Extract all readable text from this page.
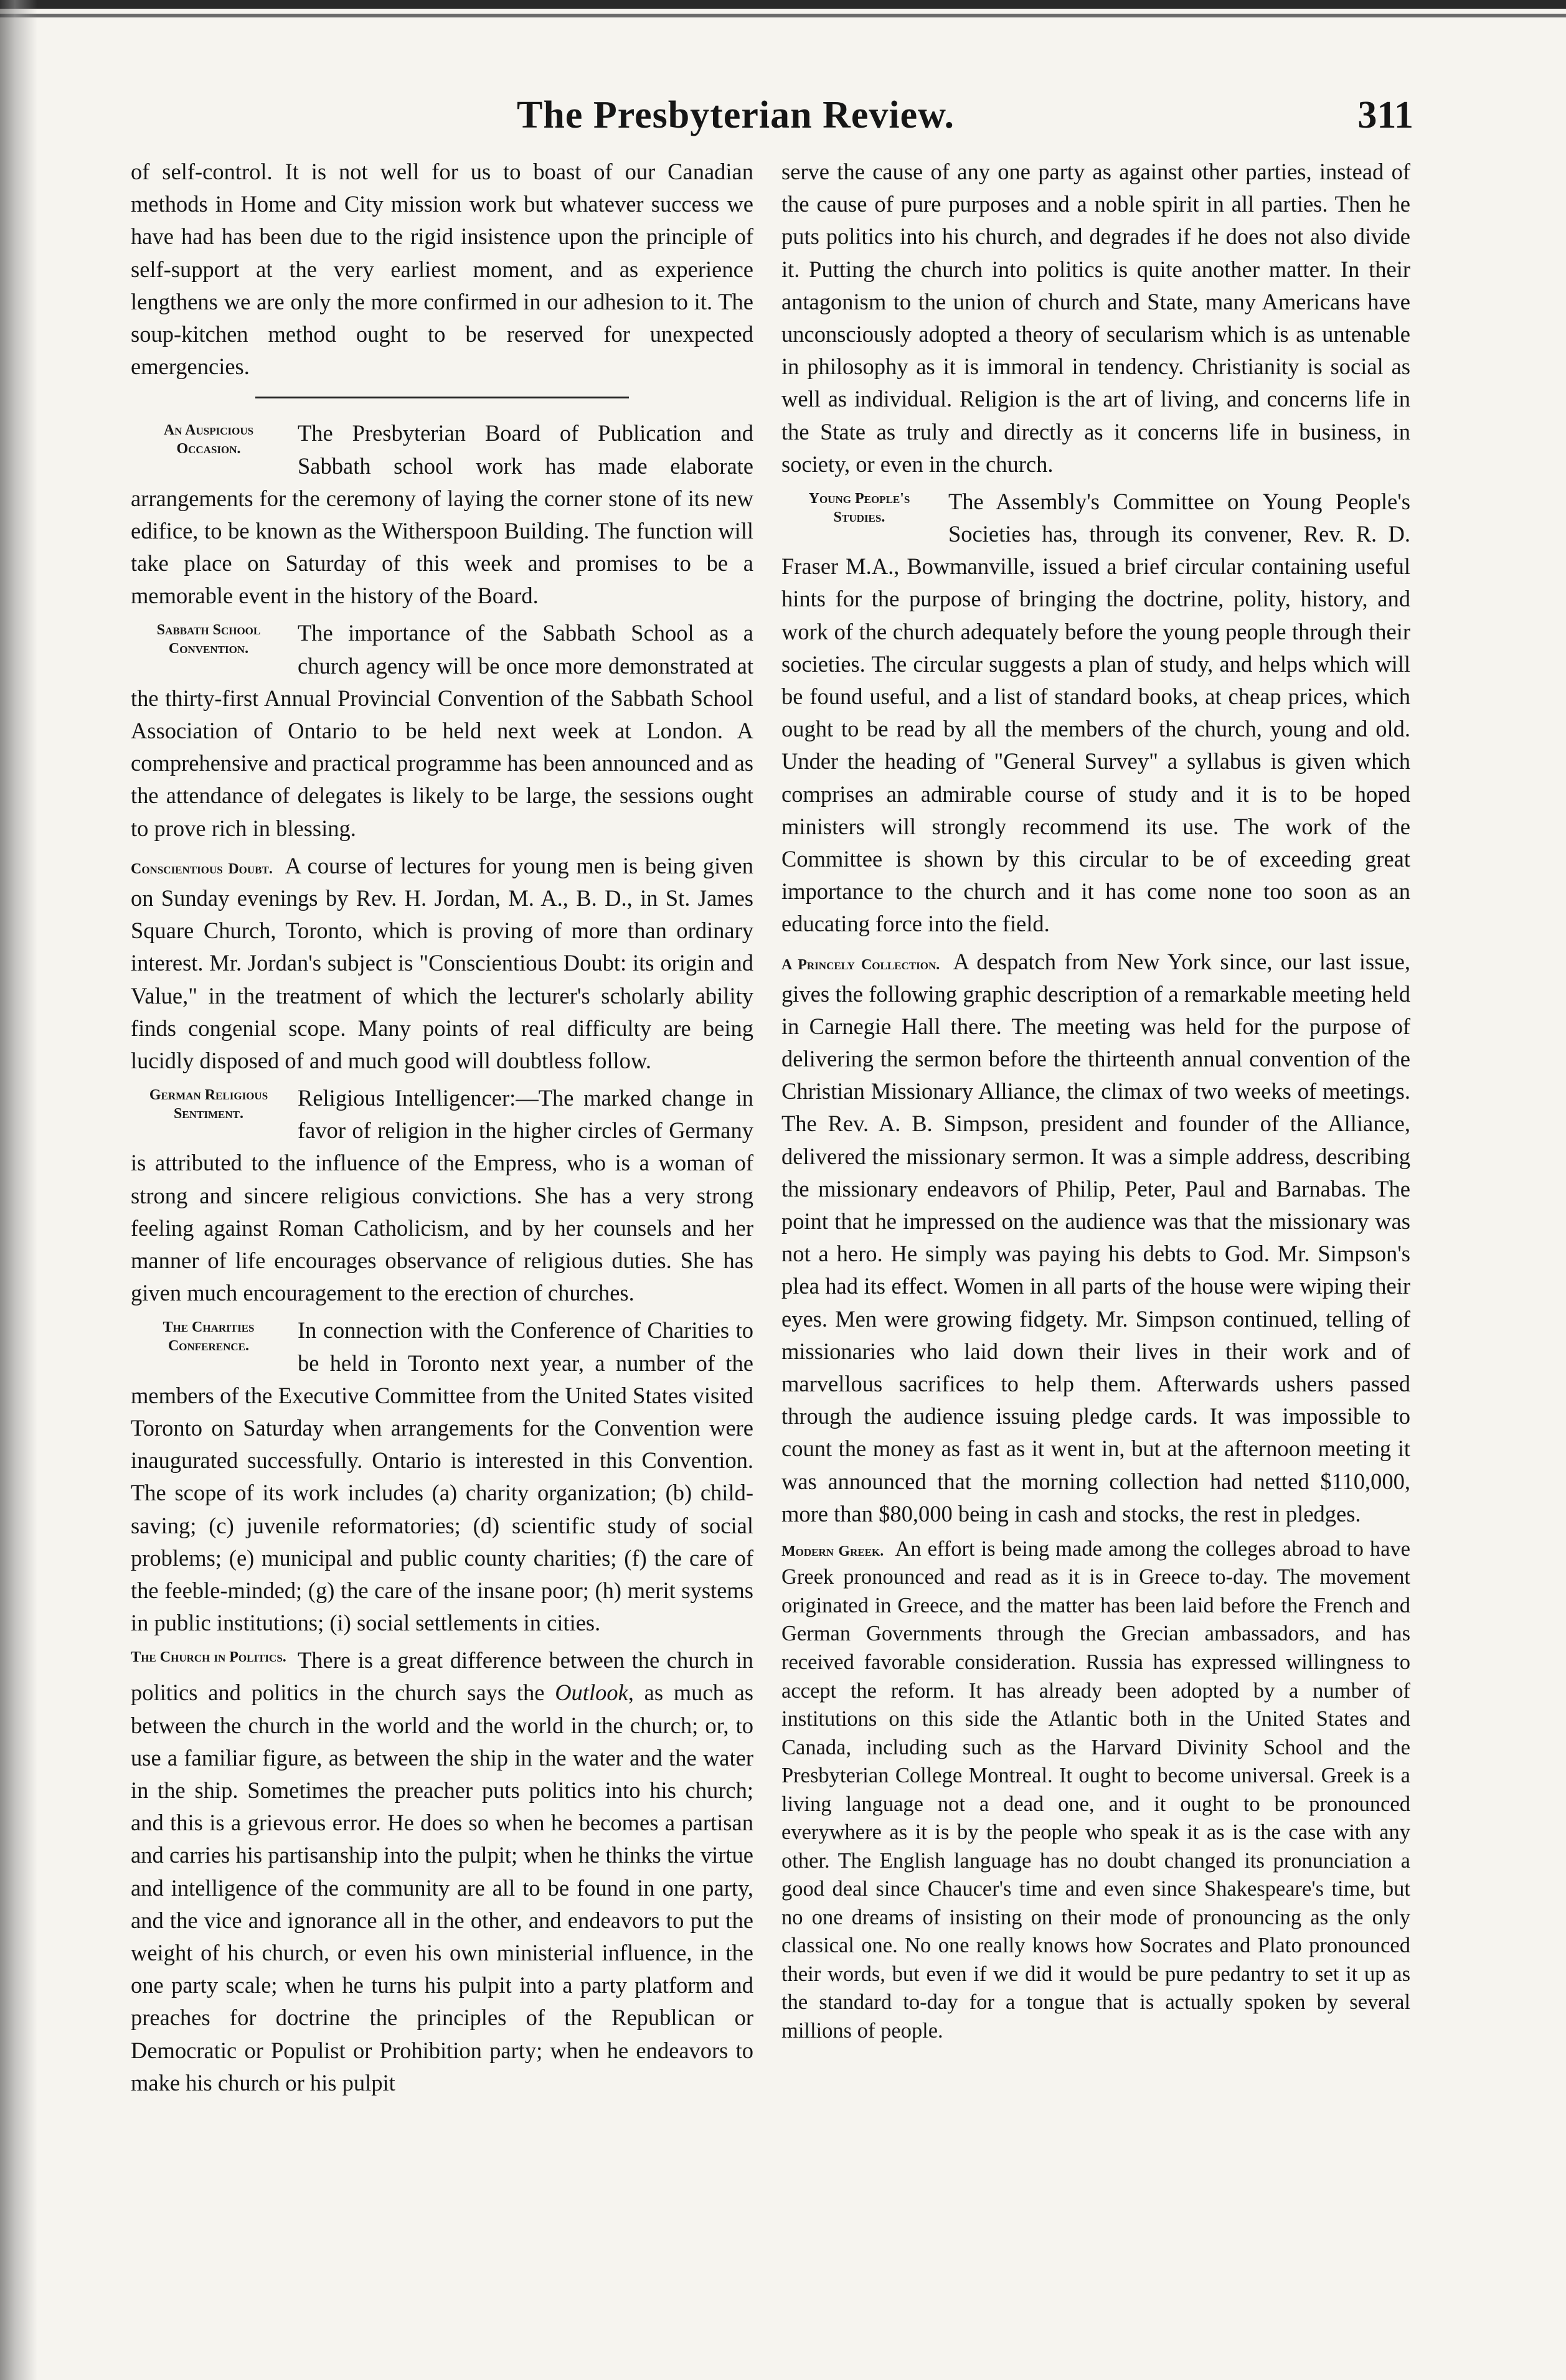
The Presbyterian Review.	311

of self-control. It is not well for us to boast of our Canadian methods in Home and City mission work but whatever success we have had has been due to the rigid insistence upon the principle of self-support at the very earliest moment, and as experience lengthens we are only the more confirmed in our adhesion to it. The soup-kitchen method ought to be reserved for unexpected emergencies.

An Auspicious Occasion.
The Presbyterian Board of Publication and Sabbath school work has made elaborate arrangements for the ceremony of laying the corner stone of its new edifice, to be known as the Witherspoon Building. The function will take place on Saturday of this week and promises to be a memorable event in the history of the Board.

Sabbath School Convention.
The importance of the Sabbath School as a church agency will be once more demonstrated at the thirty-first Annual Provincial Convention of the Sabbath School Association of Ontario to be held next week at London. A comprehensive and practical programme has been announced and as the attendance of delegates is likely to be large, the sessions ought to prove rich in blessing.

Conscientious Doubt. A course of lectures for young men is being given on Sunday evenings by Rev. H. Jordan, M. A., B. D., in St. James Square Church, Toronto, which is proving of more than ordinary interest. Mr. Jordan's subject is "Conscientious Doubt: its origin and Value," in the treatment of which the lecturer's scholarly ability finds congenial scope. Many points of real difficulty are being lucidly disposed of and much good will doubtless follow.

German Religious Sentiment.
Religious Intelligencer:—The marked change in favor of religion in the higher circles of Germany is attributed to the influence of the Empress, who is a woman of strong and sincere religious convictions. She has a very strong feeling against Roman Catholicism, and by her counsels and her manner of life encourages observance of religious duties. She has given much encouragement to the erection of churches.

The Charities Conference.
In connection with the Conference of Charities to be held in Toronto next year, a number of the members of the Executive Committee from the United States visited Toronto on Saturday when arrangements for the Convention were inaugurated successfully. Ontario is interested in this Convention. The scope of its work includes (a) charity organization; (b) child-saving; (c) juvenile reformatories; (d) scientific study of social problems; (e) municipal and public county charities; (f) the care of the feeble-minded; (g) the care of the insane poor; (h) merit systems in public institutions; (i) social settlements in cities.

The Church in Politics. There is a great difference between the church in politics and politics in the church says the Outlook, as much as between the church in the world and the world in the church; or, to use a familiar figure, as between the ship in the water and the water in the ship. Sometimes the preacher puts politics into his church; and this is a grievous error. He does so when he becomes a partisan and carries his partisanship into the pulpit; when he thinks the virtue and intelligence of the community are all to be found in one party, and the vice and ignorance all in the other, and endeavors to put the weight of his church, or even his own ministerial influence, in the one party scale; when he turns his pulpit into a party platform and preaches for doctrine the principles of the Republican or Democratic or Populist or Prohibition party; when he endeavors to make his church or his pulpit

serve the cause of any one party as against other parties, instead of the cause of pure purposes and a noble spirit in all parties. Then he puts politics into his church, and degrades if he does not also divide it. Putting the church into politics is quite another matter. In their antagonism to the union of church and State, many Americans have unconsciously adopted a theory of secularism which is as untenable in philosophy as it is immoral in tendency. Christianity is social as well as individual. Religion is the art of living, and concerns life in the State as truly and directly as it concerns life in business, in society, or even in the church.

Young People's Studies.
The Assembly's Committee on Young People's Societies has, through its convener, Rev. R. D. Fraser M.A., Bowmanville, issued a brief circular containing useful hints for the purpose of bringing the doctrine, polity, history, and work of the church adequately before the young people through their societies. The circular suggests a plan of study, and helps which will be found useful, and a list of standard books, at cheap prices, which ought to be read by all the members of the church, young and old. Under the heading of "General Survey" a syllabus is given which comprises an admirable course of study and it is to be hoped ministers will strongly recommend its use. The work of the Committee is shown by this circular to be of exceeding great importance to the church and it has come none too soon as an educating force into the field.

A Princely Collection. A despatch from New York since, our last issue, gives the following graphic description of a remarkable meeting held in Carnegie Hall there. The meeting was held for the purpose of delivering the sermon before the thirteenth annual convention of the Christian Missionary Alliance, the climax of two weeks of meetings. The Rev. A. B. Simpson, president and founder of the Alliance, delivered the missionary sermon. It was a simple address, describing the missionary endeavors of Philip, Peter, Paul and Barnabas. The point that he impressed on the audience was that the missionary was not a hero. He simply was paying his debts to God. Mr. Simpson's plea had its effect. Women in all parts of the house were wiping their eyes. Men were growing fidgety. Mr. Simpson continued, telling of missionaries who laid down their lives in their work and of marvellous sacrifices to help them. Afterwards ushers passed through the audience issuing pledge cards. It was impossible to count the money as fast as it went in, but at the afternoon meeting it was announced that the morning collection had netted $110,000, more than $80,000 being in cash and stocks, the rest in pledges.

Modern Greek. An effort is being made among the colleges abroad to have Greek pronounced and read as it is in Greece to-day. The movement originated in Greece, and the matter has been laid before the French and German Governments through the Grecian ambassadors, and has received favorable consideration. Russia has expressed willingness to accept the reform. It has already been adopted by a number of institutions on this side the Atlantic both in the United States and Canada, including such as the Harvard Divinity School and the Presbyterian College Montreal. It ought to become universal. Greek is a living language not a dead one, and it ought to be pronounced everywhere as it is by the people who speak it as is the case with any other. The English language has no doubt changed its pronunciation a good deal since Chaucer's time and even since Shakespeare's time, but no one dreams of insisting on their mode of pronouncing as the only classical one. No one really knows how Socrates and Plato pronounced their words, but even if we did it would be pure pedantry to set it up as the standard to-day for a tongue that is actually spoken by several millions of people.
